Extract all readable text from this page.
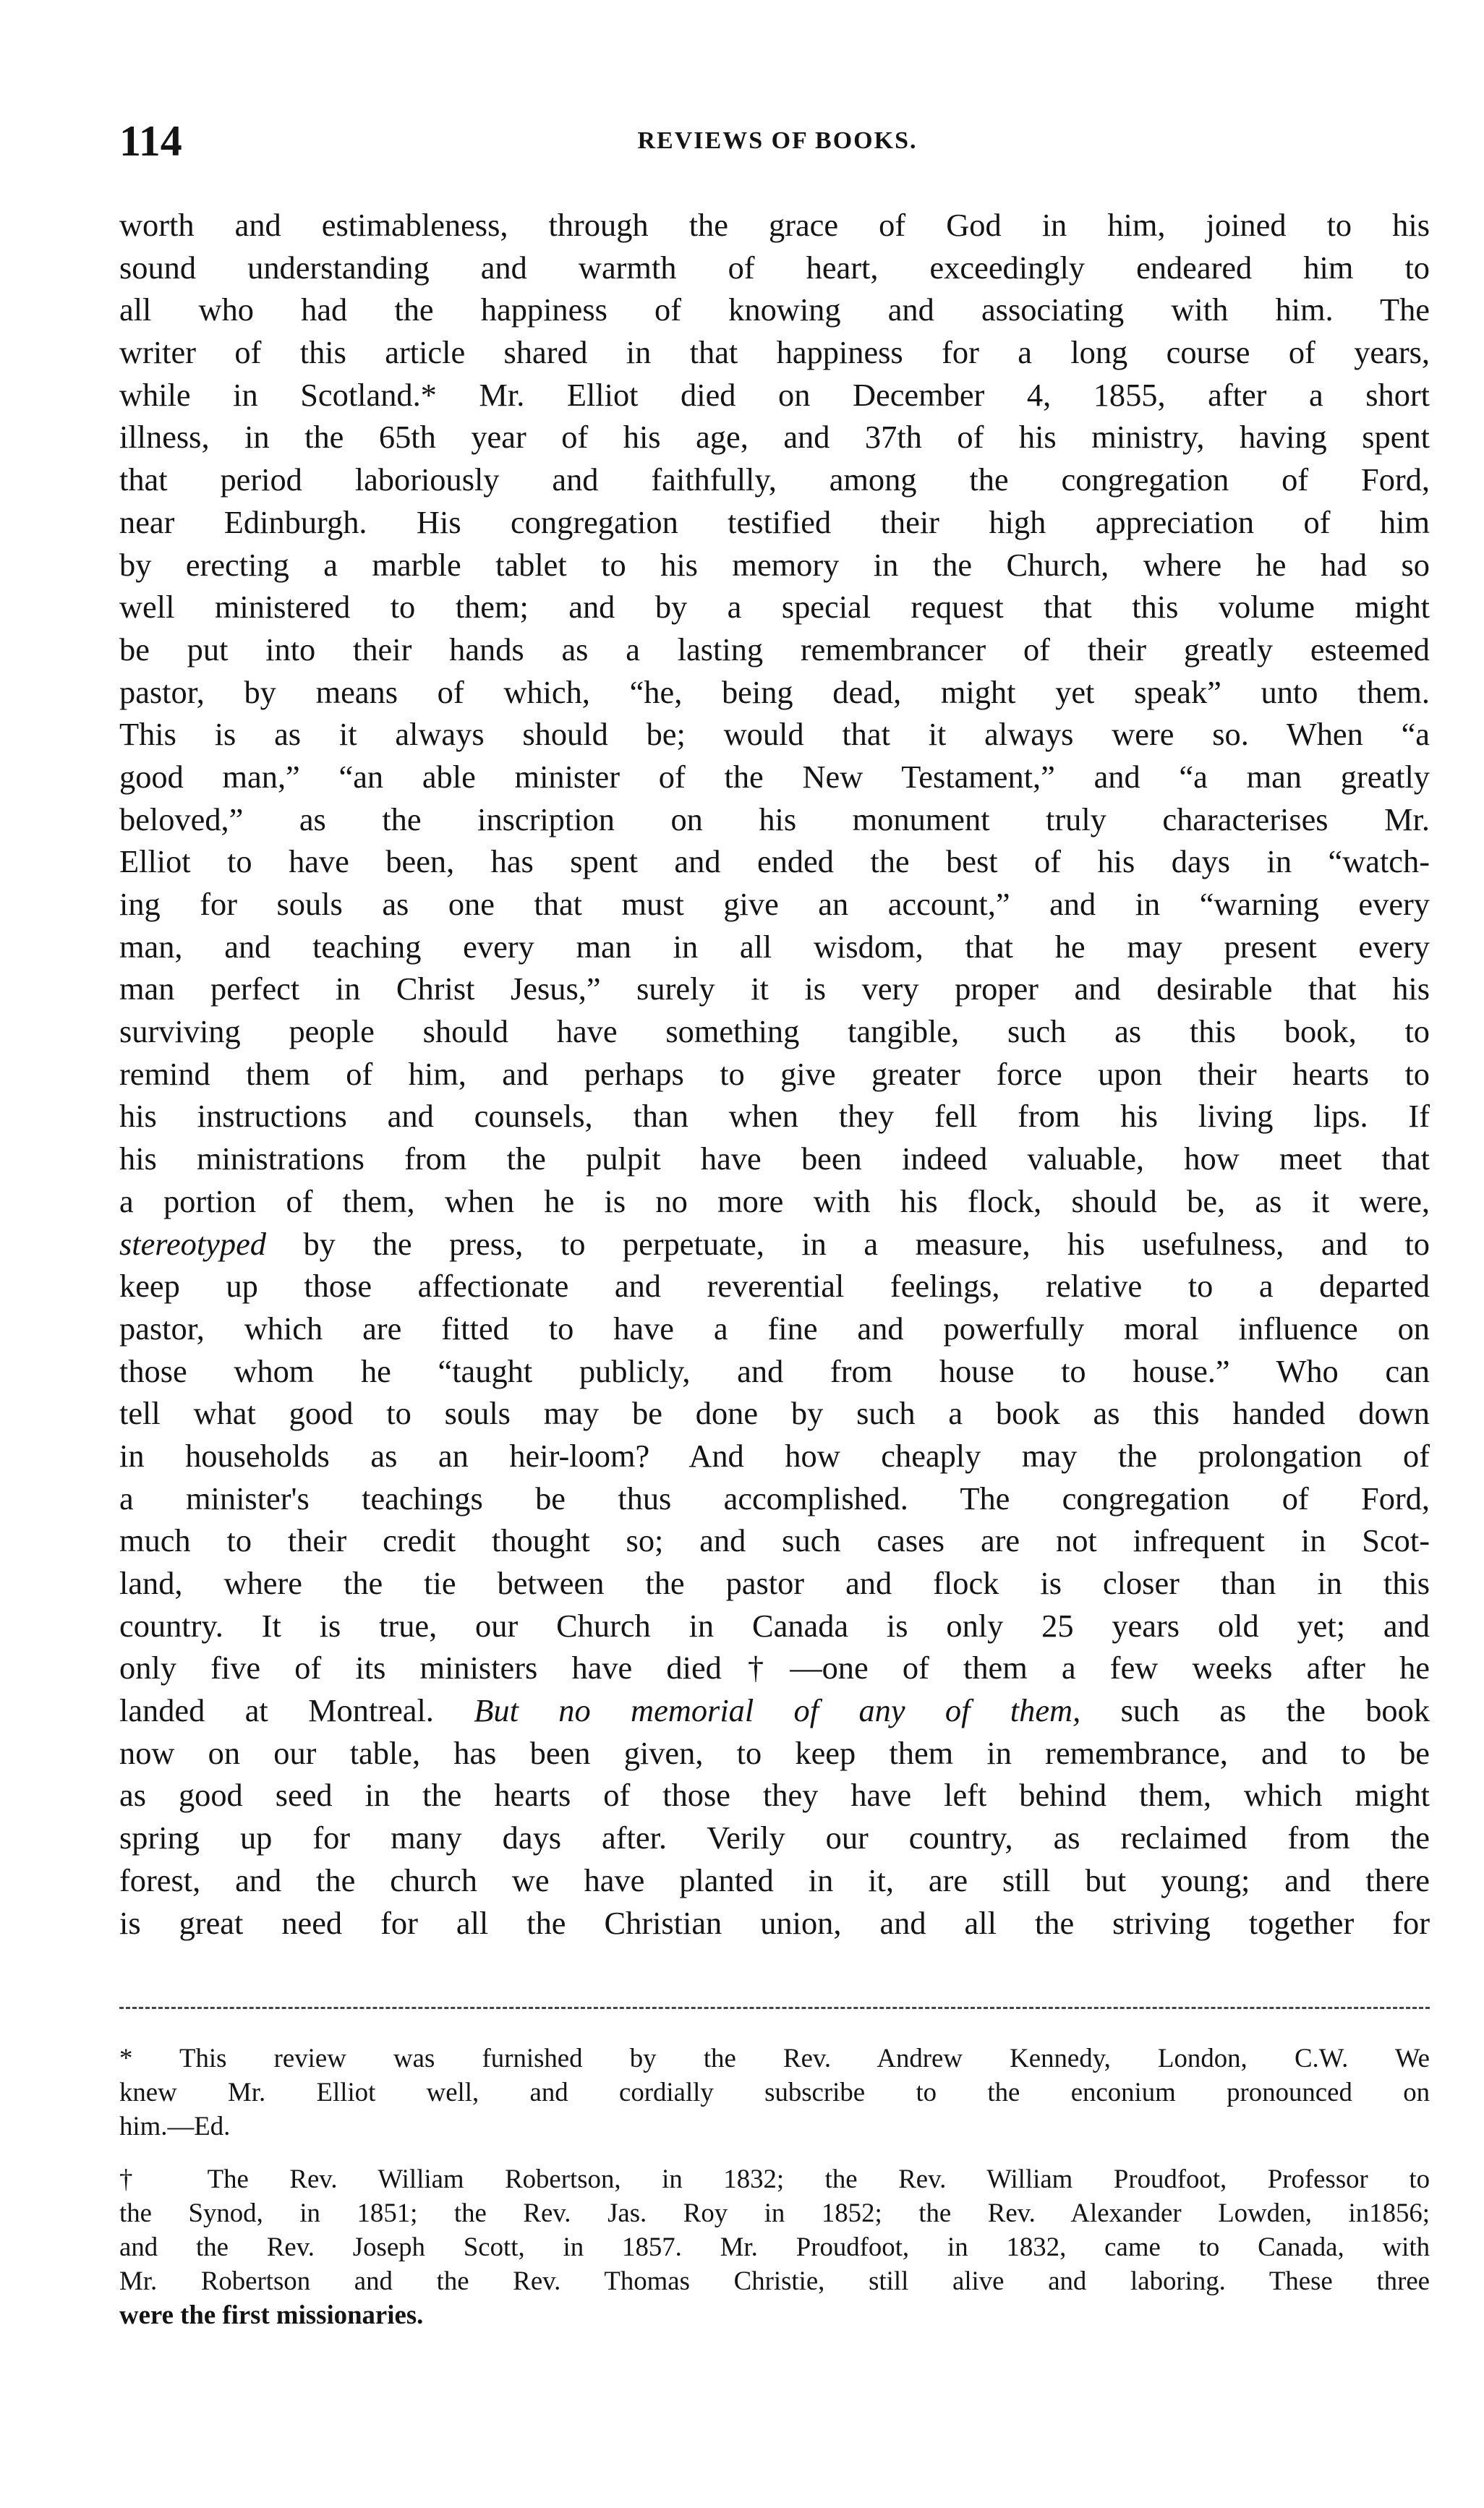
114	REVIEWS OF BOOKS.
worth and estimableness, through the grace of God in him, joined to his
sound understanding and warmth of heart, exceedingly endeared him to
all who had the happiness of knowing and associating with him. The
writer of this article shared in that happiness for a long course of years,
while in Scotland.* Mr. Elliot died on December 4, 1855, after a short
illness, in the 65th year of his age, and 37th of his ministry, having spent
that period laboriously and faithfully, among the congregation of Ford,
near Edinburgh. His congregation testified their high appreciation of him
by erecting a marble tablet to his memory in the Church, where he had so
well ministered to them; and by a special request that this volume might
be put into their hands as a lasting remembrancer of their greatly esteemed
pastor, by means of which, “he, being dead, might yet speak” unto them.
This is as it always should be; would that it always were so. When “a
good man,” “an able minister of the New Testament,” and “a man greatly
beloved,” as the inscription on his monument truly characterises Mr.
Elliot to have been, has spent and ended the best of his days in “watch-
ing for souls as one that must give an account,” and in “warning every
man, and teaching every man in all wisdom, that he may present every
man perfect in Christ Jesus,” surely it is very proper and desirable that his
surviving people should have something tangible, such as this book, to
remind them of him, and perhaps to give greater force upon their hearts to
his instructions and counsels, than when they fell from his living lips. If
his ministrations from the pulpit have been indeed valuable, how meet that
a portion of them, when he is no more with his flock, should be, as it were,
stereotyped by the press, to perpetuate, in a measure, his usefulness, and to
keep up those affectionate and reverential feelings, relative to a departed
pastor, which are fitted to have a fine and powerfully moral influence on
those whom he “taught publicly, and from house to house.” Who can
tell what good to souls may be done by such a book as this handed down
in households as an heir-loom? And how cheaply may the prolongation of
a minister's teachings be thus accomplished. The congregation of Ford,
much to their credit thought so; and such cases are not infrequent in Scot-
land, where the tie between the pastor and flock is closer than in this
country. It is true, our Church in Canada is only 25 years old yet; and
only five of its ministers have died†—one of them a few weeks after he
landed at Montreal. But no memorial of any of them, such as the book
now on our table, has been given, to keep them in remembrance, and to be
as good seed in the hearts of those they have left behind them, which might
spring up for many days after. Verily our country, as reclaimed from the
forest, and the church we have planted in it, are still but young; and there
is great need for all the Christian union, and all the striving together for
* This review was furnished by the Rev. Andrew Kennedy, London, C.W. We
knew Mr. Elliot well, and cordially subscribe to the enconium pronounced on
him.—Ed.
† The Rev. William Robertson, in 1832; the Rev. William Proudfoot, Professor to
the Synod, in 1851; the Rev. Jas. Roy in 1852; the Rev. Alexander Lowden, in1856;
and the Rev. Joseph Scott, in 1857. Mr. Proudfoot, in 1832, came to Canada, with
Mr. Robertson and the Rev. Thomas Christie, still alive and laboring. These three
were the first missionaries.
